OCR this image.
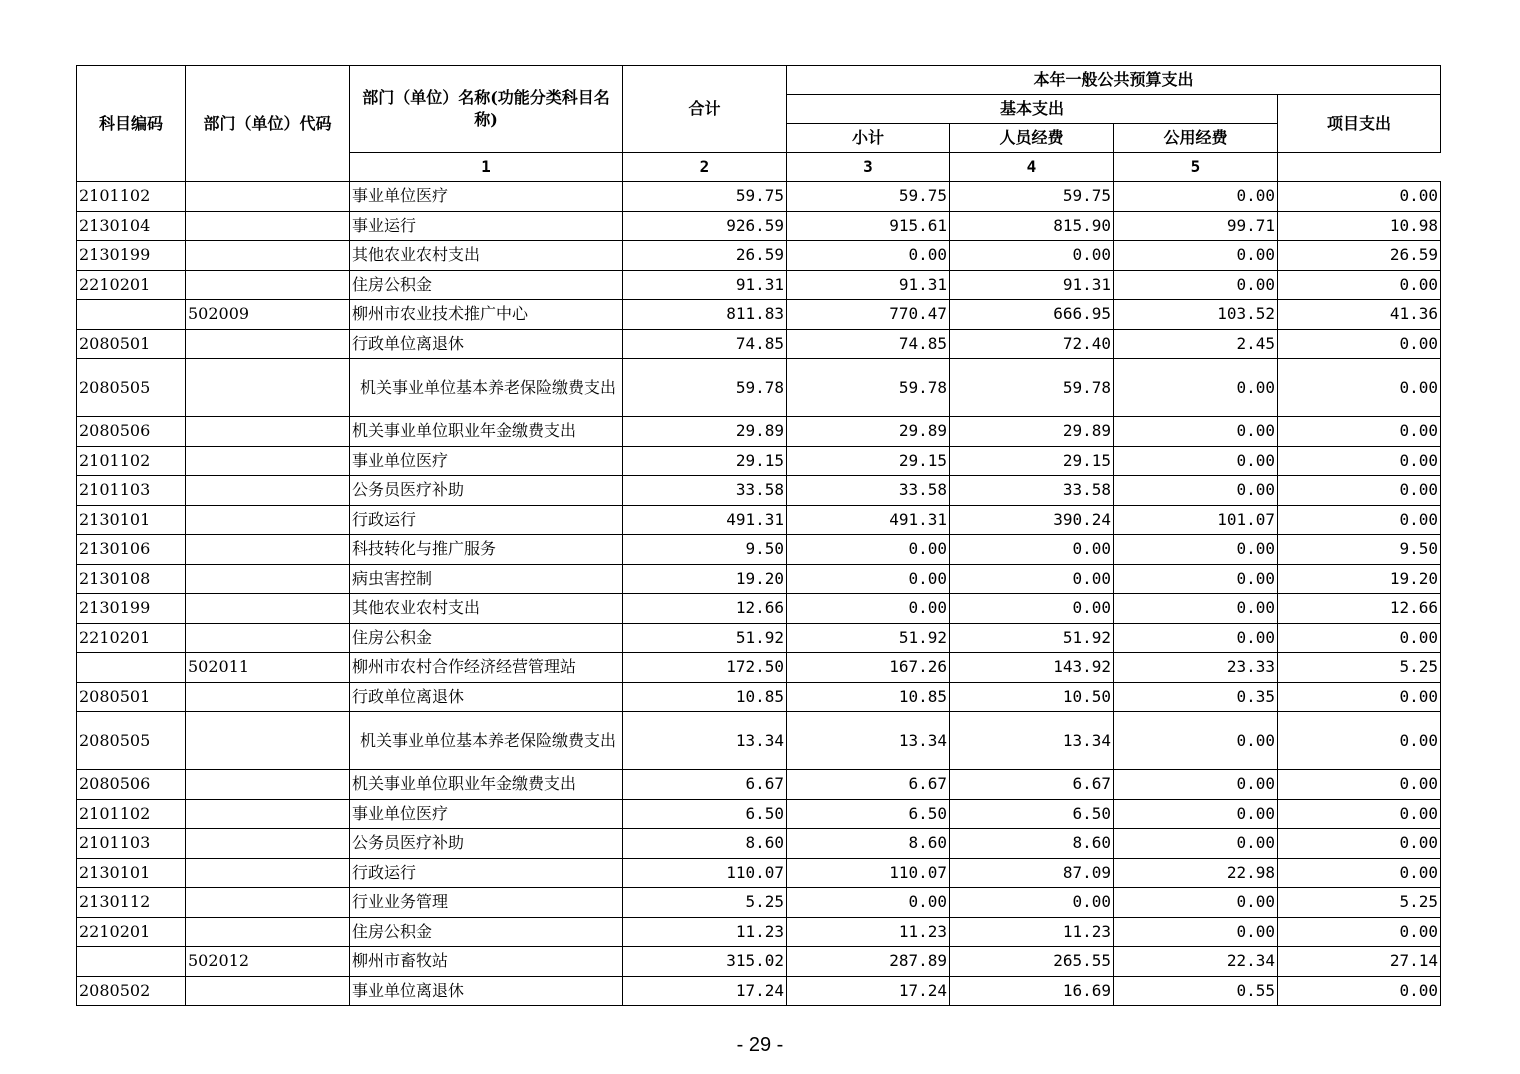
科目编码	部门（单位）代码	部门（单位）名称(功能分类科目名称)	合计	本年一般公共预算支出			
				基本支出			项目支出
				小计	人员经费	公用经费	
		1	2	3	4	5	
2101102		事业单位医疗	59.75	59.75	59.75	0.00	0.00
2130104		事业运行	926.59	915.61	815.90	99.71	10.98
2130199		其他农业农村支出	26.59	0.00	0.00	0.00	26.59
2210201		住房公积金	91.31	91.31	91.31	0.00	0.00
	502009	柳州市农业技术推广中心	811.83	770.47	666.95	103.52	41.36
2080501		行政单位离退休	74.85	74.85	72.40	2.45	0.00
2080505		机关事业单位基本养老保险缴费支出	59.78	59.78	59.78	0.00	0.00
2080506		机关事业单位职业年金缴费支出	29.89	29.89	29.89	0.00	0.00
2101102		事业单位医疗	29.15	29.15	29.15	0.00	0.00
2101103		公务员医疗补助	33.58	33.58	33.58	0.00	0.00
2130101		行政运行	491.31	491.31	390.24	101.07	0.00
2130106		科技转化与推广服务	9.50	0.00	0.00	0.00	9.50
2130108		病虫害控制	19.20	0.00	0.00	0.00	19.20
2130199		其他农业农村支出	12.66	0.00	0.00	0.00	12.66
2210201		住房公积金	51.92	51.92	51.92	0.00	0.00
	502011	柳州市农村合作经济经营管理站	172.50	167.26	143.92	23.33	5.25
2080501		行政单位离退休	10.85	10.85	10.50	0.35	0.00
2080505		机关事业单位基本养老保险缴费支出	13.34	13.34	13.34	0.00	0.00
2080506		机关事业单位职业年金缴费支出	6.67	6.67	6.67	0.00	0.00
2101102		事业单位医疗	6.50	6.50	6.50	0.00	0.00
2101103		公务员医疗补助	8.60	8.60	8.60	0.00	0.00
2130101		行政运行	110.07	110.07	87.09	22.98	0.00
2130112		行业业务管理	5.25	0.00	0.00	0.00	5.25
2210201		住房公积金	11.23	11.23	11.23	0.00	0.00
	502012	柳州市畜牧站	315.02	287.89	265.55	22.34	27.14
2080502		事业单位离退休	17.24	17.24	16.69	0.55	0.00
- 29 -
